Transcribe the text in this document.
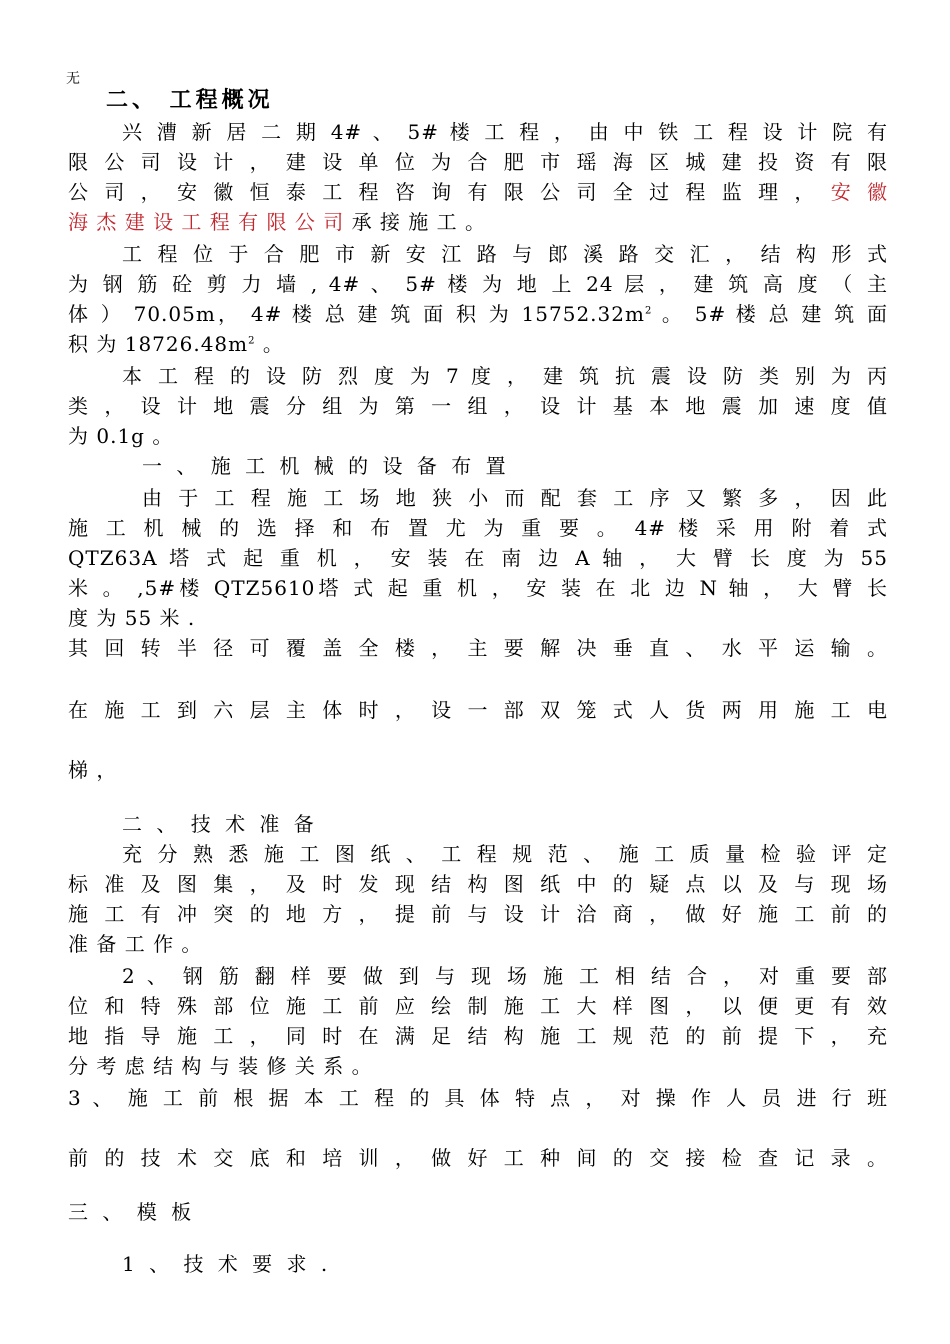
无
二、 工程概况
兴 漕 新 居 二 期 4# 、 5# 楼 工 程 ， 由 中 铁 工 程 设 计 院 有
限 公 司 设 计 ， 建 设 单 位 为 合 肥 市 瑶 海 区 城 建 投 资 有 限
公 司 ， 安 徽 恒 泰 工 程 咨 询 有 限 公 司 全 过 程 监 理 ， 安 徽
海 杰 建 设 工 程 有 限 公 司 承 接 施 工 。
工 程 位 于 合 肥 市 新 安 江 路 与 郎 溪 路 交 汇 ， 结 构 形 式
为 钢 筋 砼 剪 力 墙 , 4# 、 5# 楼 为 地 上 24 层 ， 建 筑 高 度 （ 主
体 ） 70.05m， 4# 楼 总 建 筑 面 积 为 $15752.32m^2$ 。 5# 楼 总 建 筑 面
积 为 $18726.48m^2$ 。
本 工 程 的 设 防 烈 度 为 7 度 ， 建 筑 抗 震 设 防 类 别 为 丙
类 ， 设 计 地 震 分 组 为 第 一 组 ， 设 计 基 本 地 震 加 速 度 值
为 0.1g 。
一 、 施 工 机 械 的 设 备 布 置
由 于 工 程 施 工 场 地 狭 小 而 配 套 工 序 又 繁 多 ， 因 此
施 工 机 械 的 选 择 和 布 置 尤 为 重 要 。 4# 楼 采 用 附 着 式
QTZ63A 塔 式 起 重 机 ， 安 装 在 南 边 A 轴 ， 大 臂 长 度 为 55
米 。 ,5#楼 QTZ5610塔 式 起 重 机 ， 安 装 在 北 边 N 轴 ， 大 臂 长
度 为 55 米 .
其 回 转 半 径 可 覆 盖 全 楼 ， 主 要 解 决 垂 直 、 水 平 运 输 。
在 施 工 到 六 层 主 体 时 ， 设 一 部 双 笼 式 人 货 两 用 施 工 电
梯 ，
二 、 技 术 准 备
充 分 熟 悉 施 工 图 纸 、 工 程 规 范 、 施 工 质 量 检 验 评 定
标 准 及 图 集 ， 及 时 发 现 结 构 图 纸 中 的 疑 点 以 及 与 现 场
施 工 有 冲 突 的 地 方 ， 提 前 与 设 计 洽 商 ， 做 好 施 工 前 的
准 备 工 作 。
2 、 钢 筋 翻 样 要 做 到 与 现 场 施 工 相 结 合 ， 对 重 要 部
位 和 特 殊 部 位 施 工 前 应 绘 制 施 工 大 样 图 ， 以 便 更 有 效
地 指 导 施 工 ， 同 时 在 满 足 结 构 施 工 规 范 的 前 提 下 ， 充
分 考 虑 结 构 与 装 修 关 系 。
3 、 施 工 前 根 据 本 工 程 的 具 体 特 点 ， 对 操 作 人 员 进 行 班
前 的 技 术 交 底 和 培 训 ， 做 好 工 种 间 的 交 接 检 查 记 录 。
三 、 模 板
1 、 技 术 要 求 .
